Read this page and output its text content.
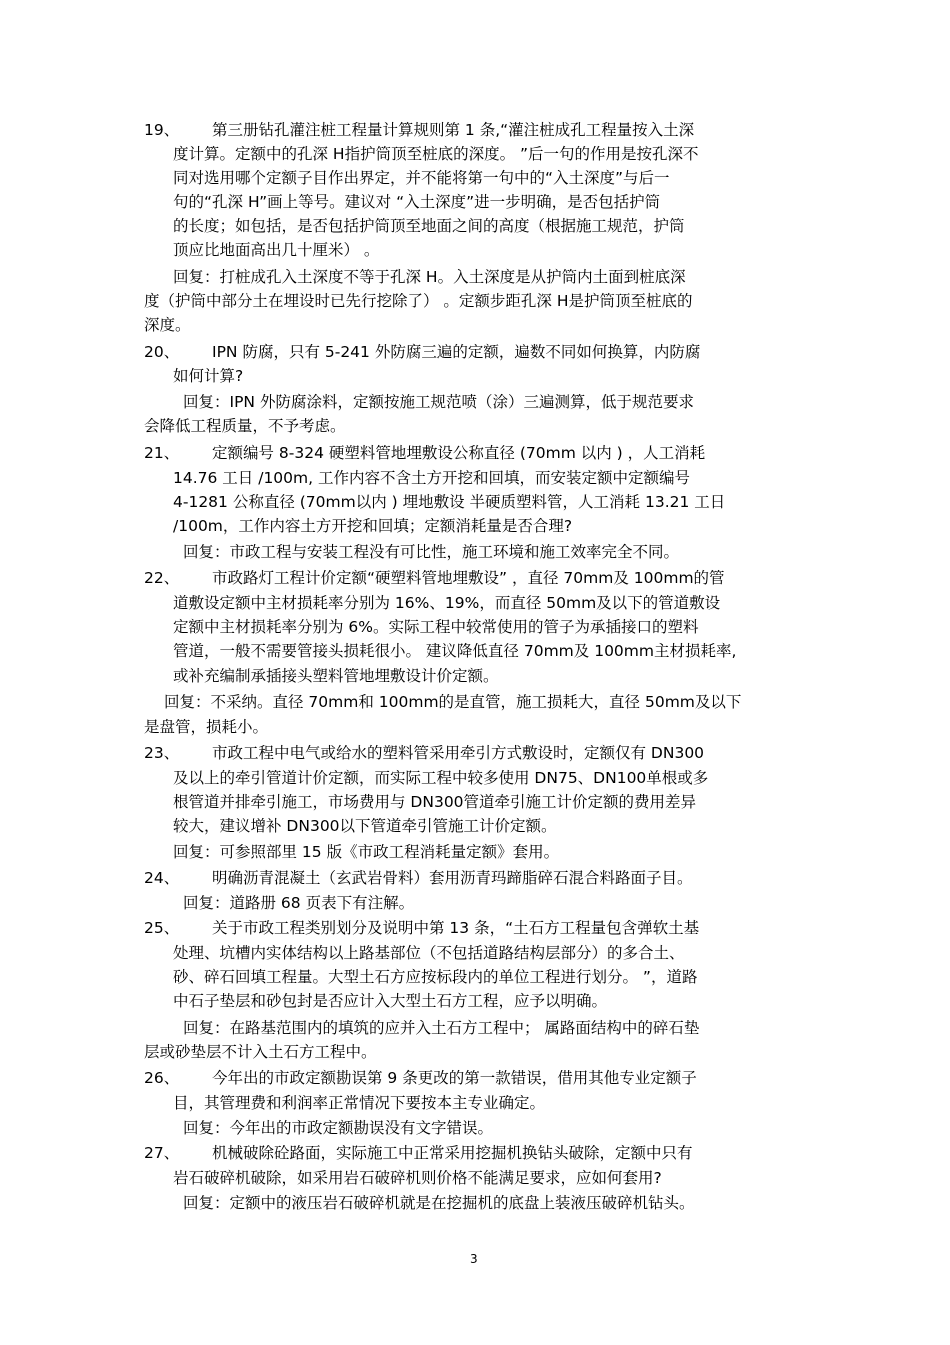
19、 第三册钻孔灌注桩工程量计算规则第 1 条,“灌注桩成孔工程量按入土深
度计算。定额中的孔深 H指护筒顶至桩底的深度。 ”后一句的作用是按孔深不
同对选用哪个定额子目作出界定，并不能将第一句中的“入土深度”与后一
句的“孔深 H”画上等号。建议对 “入土深度”进一步明确，是否包括护筒
的长度；如包括，是否包括护筒顶至地面之间的高度（根据施工规范，护筒
顶应比地面高出几十厘米） 。
回复：打桩成孔入土深度不等于孔深 H。入土深度是从护筒内土面到桩底深
度（护筒中部分土在埋设时已先行挖除了） 。定额步距孔深 H是护筒顶至桩底的
深度。
20、 IPN 防腐，只有 5-241 外防腐三遍的定额，遍数不同如何换算，内防腐
如何计算?
回复：IPN 外防腐涂料，定额按施工规范喷（涂）三遍测算，低于规范要求
会降低工程质量，不予考虑。
21、 定额编号 8-324 硬塑料管地埋敷设公称直径 (70mm 以内 ) ，人工消耗
14.76 工日 /100m, 工作内容不含土方开挖和回填，而安装定额中定额编号
4-1281 公称直径 (70mm以内 ) 埋地敷设 半硬质塑料管，人工消耗 13.21 工日
/100m，工作内容土方开挖和回填；定额消耗量是否合理?
回复：市政工程与安装工程没有可比性，施工环境和施工效率完全不同。
22、 市政路灯工程计价定额“硬塑料管地埋敷设” ，直径 70mm及 100mm的管
道敷设定额中主材损耗率分别为 16%、19%，而直径 50mm及以下的管道敷设
定额中主材损耗率分别为 6%。实际工程中较常使用的管子为承插接口的塑料
管道，一般不需要管接头损耗很小。 建议降低直径 70mm及 100mm主材损耗率,
或补充编制承插接头塑料管地埋敷设计价定额。
回复：不采纳。直径 70mm和 100mm的是直管，施工损耗大，直径 50mm及以下
是盘管，损耗小。
23、 市政工程中电气或给水的塑料管采用牵引方式敷设时，定额仅有 DN300
及以上的牵引管道计价定额，而实际工程中较多使用 DN75、DN100单根或多
根管道并排牵引施工，市场费用与 DN300管道牵引施工计价定额的费用差异
较大，建议增补 DN300以下管道牵引管施工计价定额。
回复：可参照部里 15 版《市政工程消耗量定额》套用。
24、 明确沥青混凝土（玄武岩骨料）套用沥青玛蹄脂碎石混合料路面子目。
回复：道路册 68 页表下有注解。
25、 关于市政工程类别划分及说明中第 13 条，“土石方工程量包含弹软土基
处理、坑槽内实体结构以上路基部位（不包括道路结构层部分）的多合土、
砂、碎石回填工程量。大型土石方应按标段内的单位工程进行划分。 ”，道路
中石子垫层和砂包封是否应计入大型土石方工程，应予以明确。
回复：在路基范围内的填筑的应并入土石方工程中； 属路面结构中的碎石垫
层或砂垫层不计入土石方工程中。
26、 今年出的市政定额勘误第 9 条更改的第一款错误，借用其他专业定额子
目，其管理费和利润率正常情况下要按本主专业确定。
回复：今年出的市政定额勘误没有文字错误。
27、 机械破除砼路面，实际施工中正常采用挖掘机换钻头破除，定额中只有
岩石破碎机破除，如采用岩石破碎机则价格不能满足要求，应如何套用?
回复：定额中的液压岩石破碎机就是在挖掘机的底盘上装液压破碎机钻头。
3
